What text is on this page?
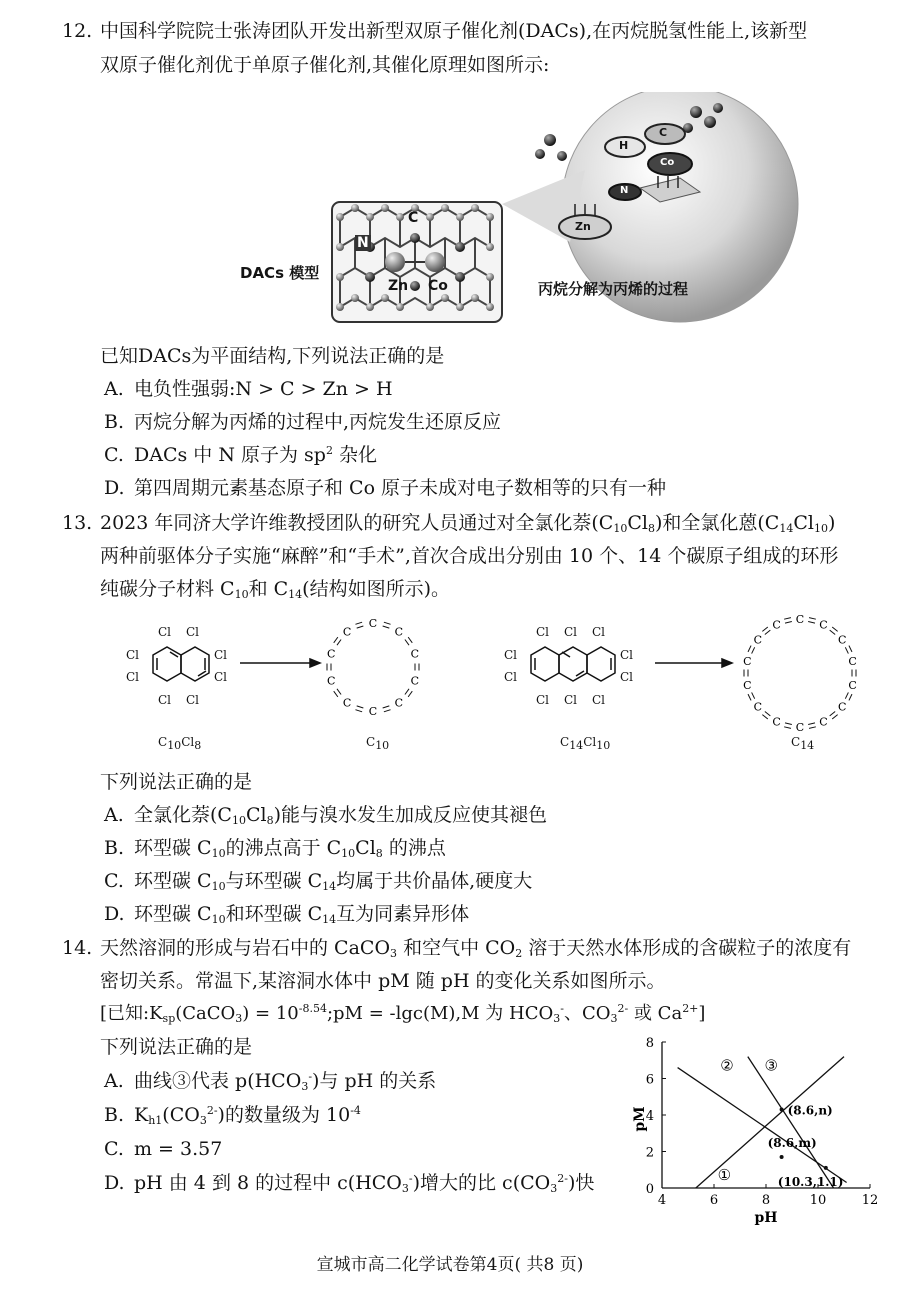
12. 中国科学院院士张涛团队开发出新型双原子催化剂(DACs),在丙烷脱氢性能上,该新型
双原子催化剂优于单原子催化剂,其催化原理如图所示:
DACs 模型
丙烷分解为丙烯的过程
C
N
Zn Co
H
C
N
Co
Zn
已知DACs为平面结构,下列说法正确的是
A. 电负性强弱:N > C > Zn > H
B. 丙烷分解为丙烯的过程中,丙烷发生还原反应
C. DACs 中 N 原子为 $sp^2$ 杂化
D. 第四周期元素基态原子和 Co 原子未成对电子数相等的只有一种
13. 2023 年同济大学许维教授团队的研究人员通过对全氯化萘$(C_{10}Cl_8)$和全氯化蒽$(C_{14}Cl_{10})$
两种前驱体分子实施“麻醉”和“手术”,首次合成出分别由 10 个、14 个碳原子组成的环形
纯碳分子材料 $C_{10}$和 $C_{14}$(结构如图所示)。
C
C
C
C
C
C
C
C
C
C
C C
C
C
C
C
C
C
C
C
C
C
C
C
Cl Cl
Cl	Cl
Cl	Cl
Cl Cl
Cl Cl Cl
Cl	Cl
Cl	Cl
Cl Cl Cl
$C_{10}Cl_8$	$C_{10}$	$C_{14}Cl_{10}$	$C_{14}$
下列说法正确的是
A. 全氯化萘$(C_{10}Cl_8)$能与溴水发生加成反应使其褪色
B. 环型碳 $C_{10}$的沸点高于 $C_{10}Cl_8$ 的沸点
C. 环型碳 $C_{10}$与环型碳 $C_{14}$均属于共价晶体,硬度大
D. 环型碳 $C_{10}$和环型碳 $C_{14}$互为同素异形体
14. 天然溶洞的形成与岩石中的 CaCO$_3$ 和空气中 $CO_2$ 溶于天然水体形成的含碳粒子的浓度有
密切关系。常温下,某溶洞水体中 pM 随 pH 的变化关系如图所示。
[已知$:K_{sp}(CaCO_3)$ = $10^{-8.54};pM = -\lg c(M),M$ 为 $HCO_3^-$、$CO_3^{2-}$ 或 $Ca^{2+}$]
下列说法正确的是
A. 曲线③代表 $p(HCO_3^-)$与 pH 的关系
B. $K_{h1}(CO_3^{2-})$的数量级为 $10^{-4}$
C. m = 3.57
D. pH 由 4 到 8 的过程中 $c(HCO_3^-)$增大的比 $c(CO_3^{2-})$快
4	6	8	10	12
0
2
4
6
8
pH
pM
①
② ③
(8.6,n)
(8.6,m)
(10.3,1.1)
宣城市高二化学试卷第4页( 共8 页)
